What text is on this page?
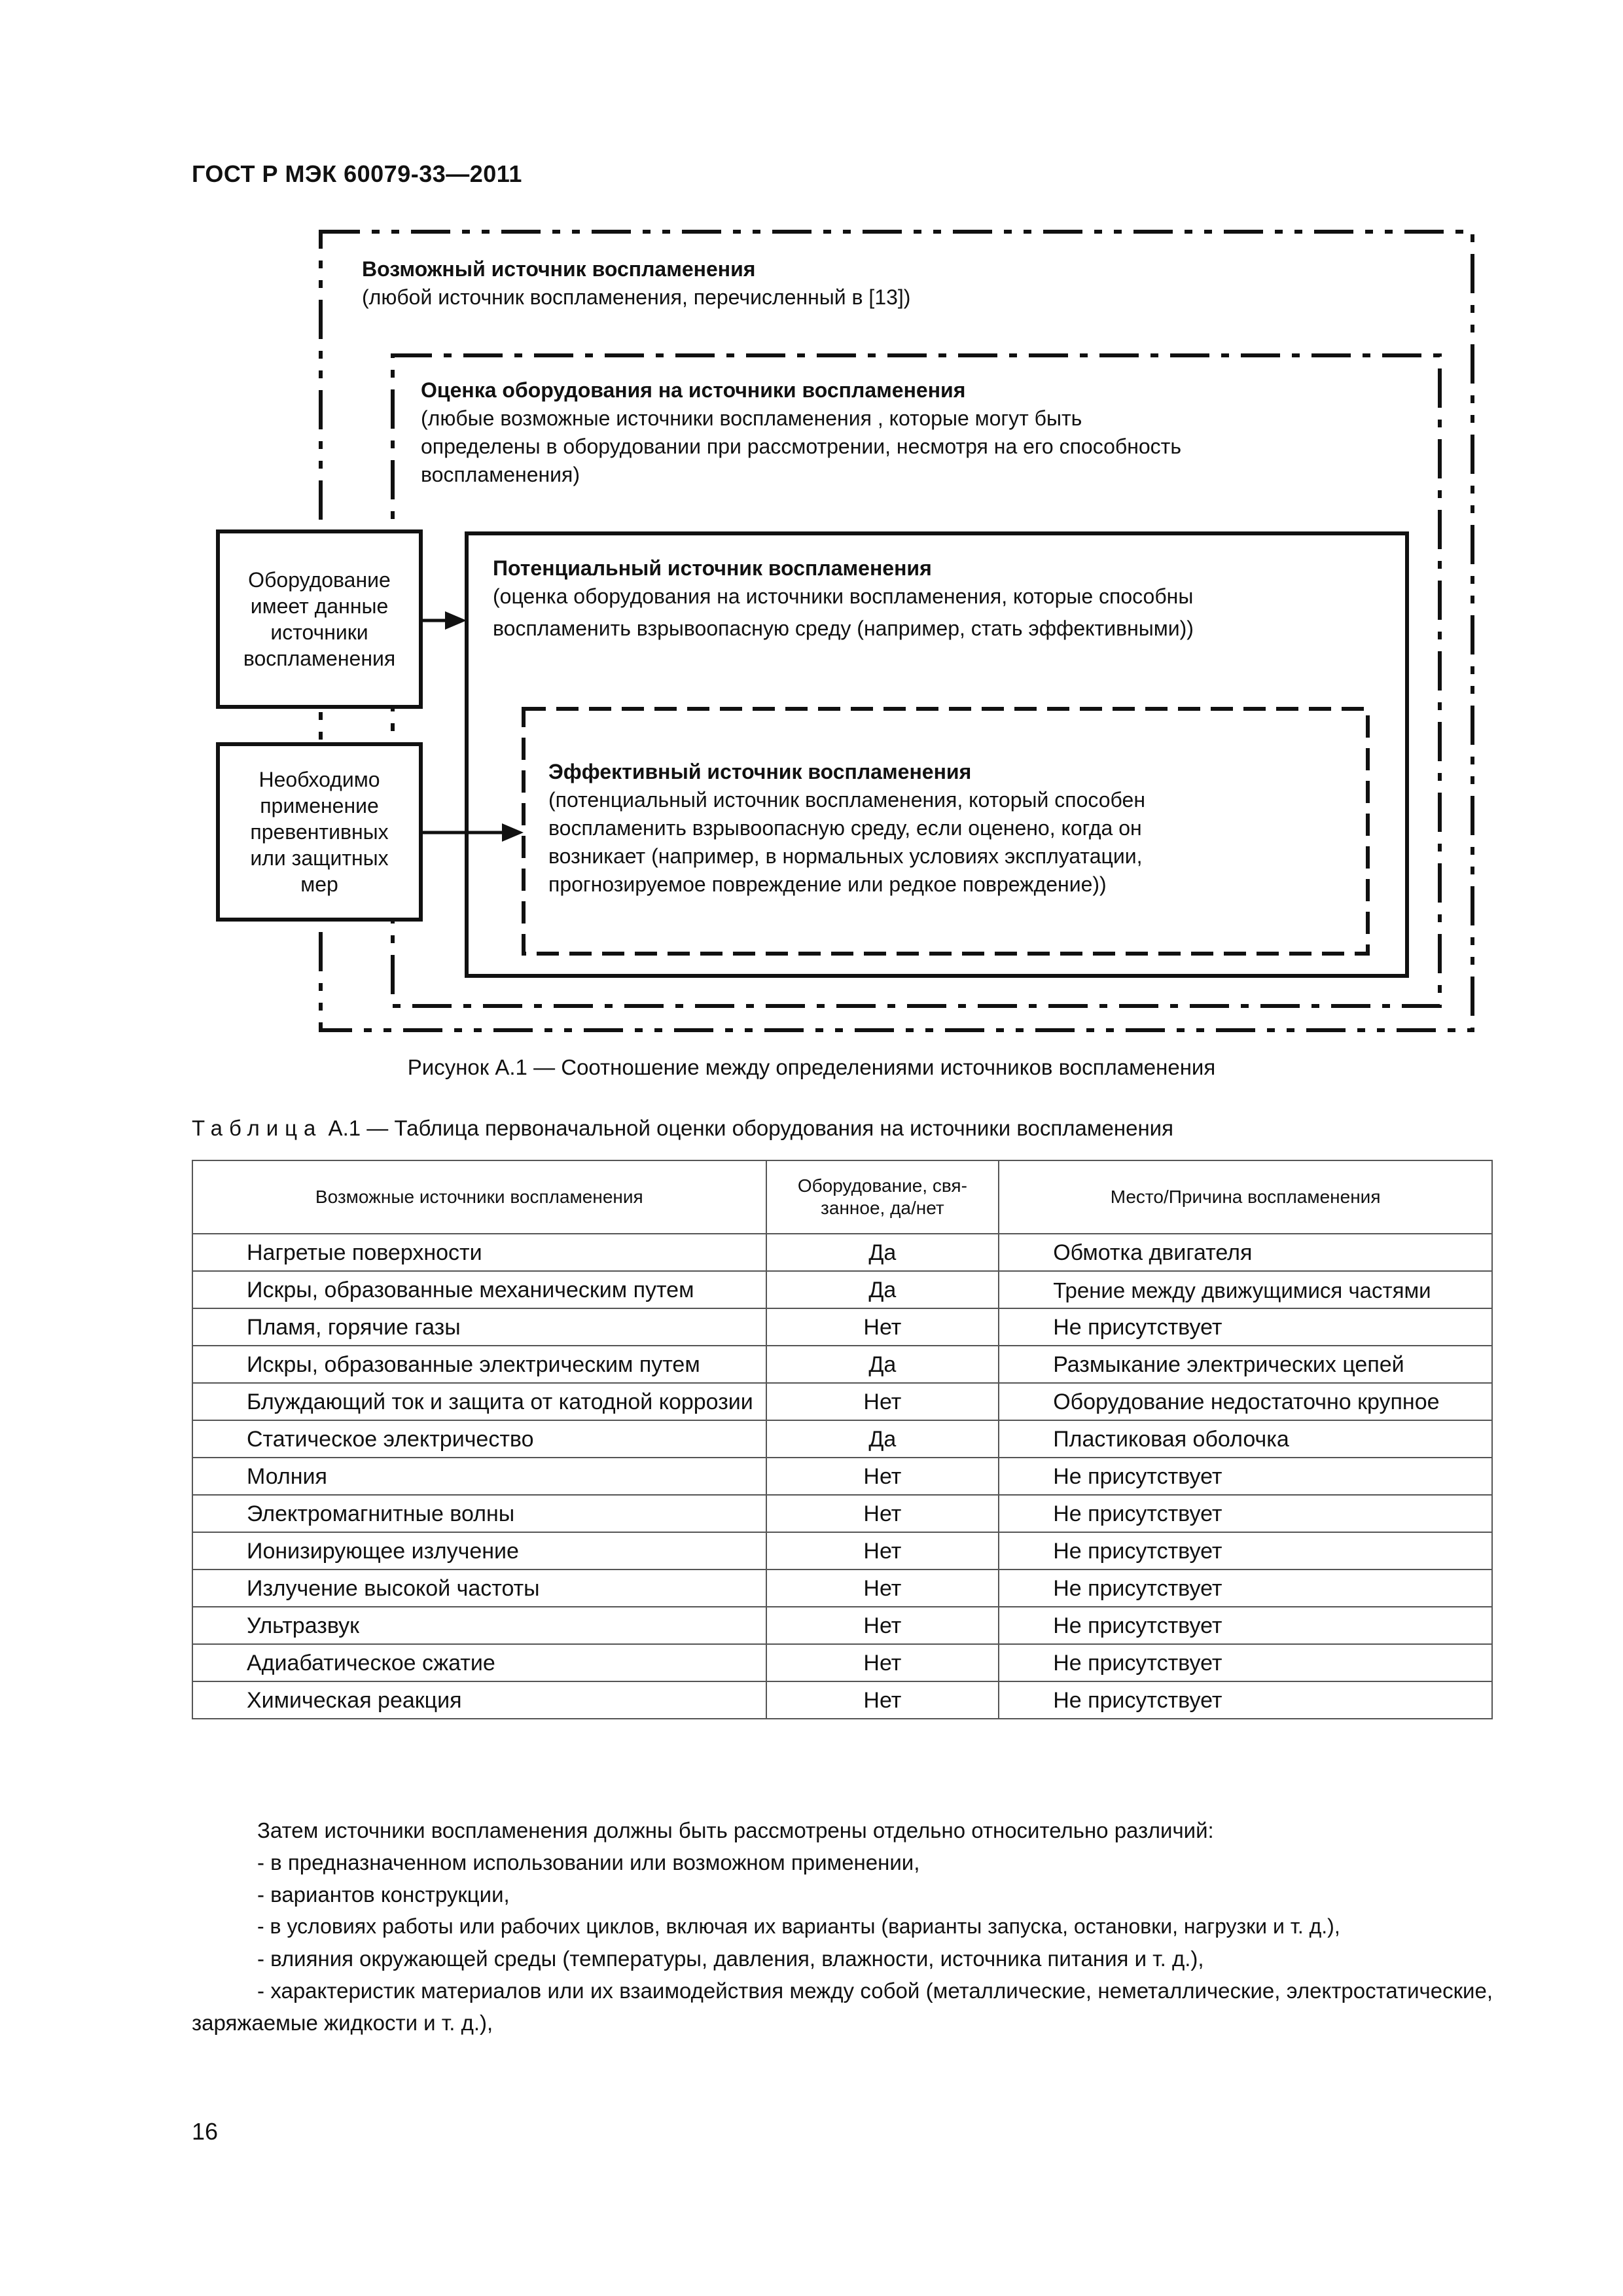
ГОСТ Р МЭК 60079-33—2011
Возможный источник воспламенения
(любой источник воспламенения, перечисленный в [13])
Оценка оборудования на источники воспламенения
(любые возможные источники воспламенения , которые могут быть
определены в оборудовании при рассмотрении, несмотря на его способность
воспламенения)
Потенциальный источник воспламенения
(оценка оборудования на источники воспламенения, которые способны
воспламенить взрывоопасную среду (например, стать эффективными))
Эффективный источник воспламенения
(потенциальный источник воспламенения, который способен
воспламенить взрывоопасную среду, если оценено, когда он
возникает (например, в нормальных условиях эксплуатации,
прогнозируемое повреждение или редкое повреждение))
Оборудование
имеет данные
источники
воспламенения
Необходимо
применение
превентивных
или защитных
мер
Рисунок А.1 — Соотношение между определениями источников воспламенения
Таблица А.1 — Таблица первоначальной оценки оборудования на источники воспламенения
Возможные источники воспламенения	Оборудование, свя-занное, да/нет	Место/Причина воспламенения
Нагретые поверхности	Да	Обмотка двигателя
Искры, образованные механическим путем	Да	Трение между движущимися частями
Пламя, горячие газы	Нет	Не присутствует
Искры, образованные электрическим путем	Да	Размыкание электрических цепей
Блуждающий ток и защита от катодной коррозии	Нет	Оборудование недостаточно крупное
Статическое электричество	Да	Пластиковая оболочка
Молния	Нет	Не присутствует
Электромагнитные волны	Нет	Не присутствует
Ионизирующее излучение	Нет	Не присутствует
Излучение высокой частоты	Нет	Не присутствует
Ультразвук	Нет	Не присутствует
Адиабатическое сжатие	Нет	Не присутствует
Химическая реакция	Нет	Не присутствует

Затем источники воспламенения должны быть рассмотрены отдельно относительно различий:

- в предназначенном использовании или возможном применении,

- вариантов конструкции,

- в условиях работы или рабочих циклов, включая их варианты (варианты запуска, остановки, нагрузки и т. д.),

- влияния окружающей среды (температуры, давления, влажности, источника питания и т. д.),

- характеристик материалов или их взаимодействия между собой (металлические, неметаллические, электростатические, заряжаемые жидкости и т. д.),

16
